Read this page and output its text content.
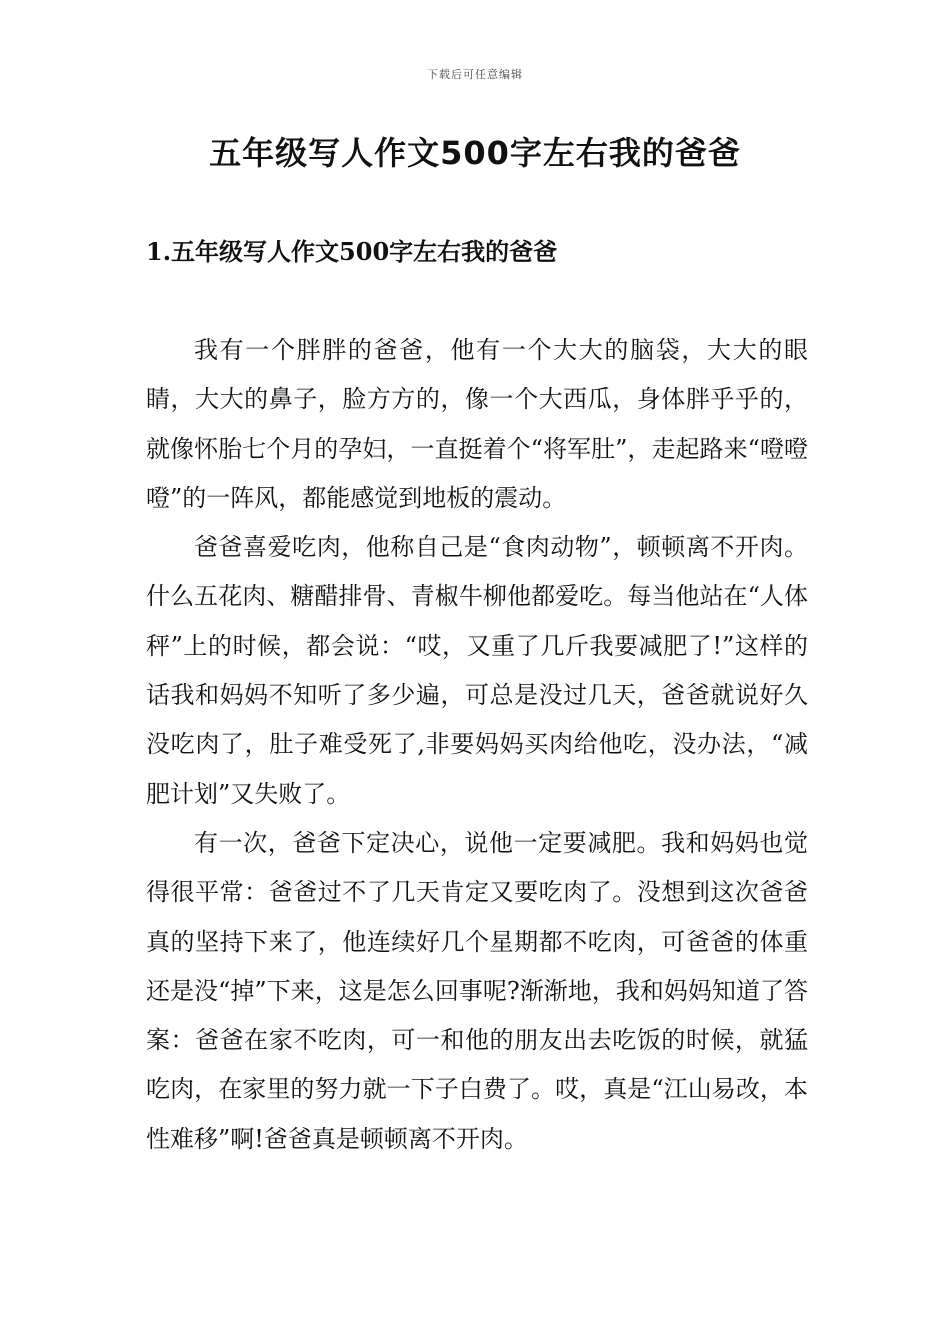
下载后可任意编辑
五年级写人作文500字左右我的爸爸
1.五年级写人作文500字左右我的爸爸

我有一个胖胖的爸爸，他有一个大大的脑袋，大大的眼睛，大大的鼻子，脸方方的，像一个大西瓜，身体胖乎乎的，就像怀胎七个月的孕妇，一直挺着个“将军肚”，走起路来“噔噔噔”的一阵风，都能感觉到地板的震动。

爸爸喜爱吃肉，他称自己是“食肉动物”，顿顿离不开肉。什么五花肉、糖醋排骨、青椒牛柳他都爱吃。每当他站在“人体秤”上的时候，都会说：“哎，又重了几斤我要减肥了!”这样的话我和妈妈不知听了多少遍，可总是没过几天，爸爸就说好久没吃肉了，肚子难受死了,非要妈妈买肉给他吃，没办法，“减肥计划”又失败了。

有一次，爸爸下定决心，说他一定要减肥。我和妈妈也觉得很平常：爸爸过不了几天肯定又要吃肉了。没想到这次爸爸真的坚持下来了，他连续好几个星期都不吃肉，可爸爸的体重还是没“掉”下来，这是怎么回事呢?渐渐地，我和妈妈知道了答案：爸爸在家不吃肉，可一和他的朋友出去吃饭的时候，就猛吃肉，在家里的努力就一下子白费了。哎，真是“江山易改，本性难移”啊!爸爸真是顿顿离不开肉。
